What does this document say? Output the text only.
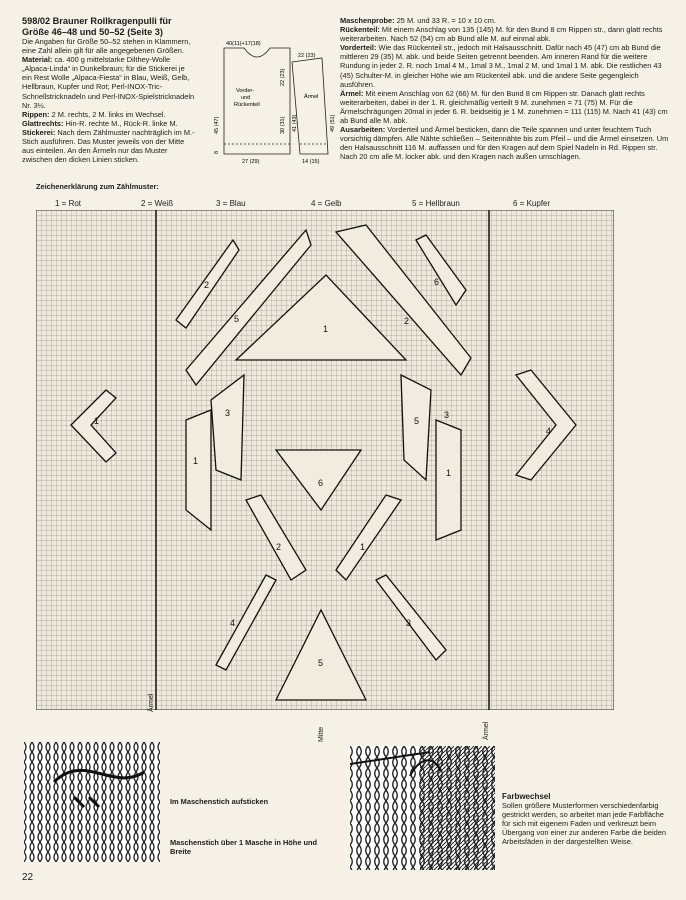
598/02 Brauner Rollkragenpulli für Größe 46–48 und 50–52 (Seite 3)

Die Angaben für Größe 50–52 stehen in Klammern, eine Zahl allein gilt für alle angegebenen Größen.

Material: ca. 400 g mittelstarke Dilthey-Wolle „Alpaca-Linda“ in Dunkelbraun; für die Stickerei je ein Rest Wolle „Alpaca-Fiesta“ in Blau, Weiß, Gelb, Hellbraun, Kupfer und Rot; Perl-INOX-Tric-Schnellstricknadeln und Perl-INOX-Spielstricknadeln Nr. 3½.

Rippen: 2 M. rechts, 2 M. links im Wechsel.

Glattrechts: Hin-R. rechte M., Rück-R. linke M.

Stickerei: Nach dem Zählmuster nachträglich im M.-Stich ausführen. Das Muster jeweils von der Mitte aus einteilen. An den Ärmeln nur das Muster zwischen den dicken Linien sticken.

40(11)+17(18)
Vorder-
und
Rückenteil
Ärmel
22 (23)
27 (29)	14 (15)
45 (47)
8
22 (23)
30 (31) 41 (43)	49 (51)

Maschenprobe: 25 M. und 33 R. = 10 x 10 cm.

Rückenteil: Mit einem Anschlag von 135 (145) M. für den Bund 8 cm Rippen str., dann glatt rechts weiterarbeiten. Nach 52 (54) cm ab Bund alle M. auf einmal abk.

Vorderteil: Wie das Rückenteil str., jedoch mit Halsausschnitt. Dafür nach 45 (47) cm ab Bund die mittleren 29 (35) M. abk. und beide Seiten getrennt beenden. Am inneren Rand für die weitere Rundung in jeder 2. R. noch 1mal 4 M., 1mal 3 M., 1mal 2 M. und 1mal 1 M. abk. Die restlichen 43 (45) Schulter-M. in gleicher Höhe wie am Rückenteil abk. und die andere Seite gegengleich ausführen.

Ärmel: Mit einem Anschlag von 62 (66) M. für den Bund 8 cm Rippen str. Danach glatt rechts weiterarbeiten, dabei in der 1. R. gleichmäßig verteilt 9 M. zunehmen = 71 (75) M. Für die Ärmelschrägungen 20mal in jeder 6. R. beidseitig je 1 M. zunehmen = 111 (115) M. Nach 41 (43) cm ab Bund alle M. abk.

Ausarbeiten: Vorderteil und Ärmel besticken, dann die Teile spannen und unter feuchtem Tuch vorsichtig dämpfen. Alle Nähte schließen – Seitennähte bis zum Pfeil – und die Ärmel einsetzen. Um den Halsausschnitt 116 M. auffassen und für den Kragen auf dem Spiel Nadeln in Rd. Rippen str. Nach 20 cm alle M. locker abk. und den Kragen nach außen umschlagen.

Zeichenerklärung zum Zählmuster:
1 = Rot	2 = Weiß	3 = Blau	4 = Gelb	5 = Hellbraun	6 = Kupfer
2
5
1
2
6
1
4
3
1
5
1
6
2	1
4
5
3
3
Ärmel
Mitte	Ärmel
Im Maschenstich aufsticken
Maschenstich über 1 Masche in Höhe und Breite
Farbwechsel
Sollen größere Musterformen verschiedenfarbig gestrickt werden, so arbeitet man jede Farbfläche für sich mit eigenem Faden und verkreuzt beim Übergang von einer zur anderen Farbe die beiden Arbeitsfäden in der dargestellten Weise.
22
